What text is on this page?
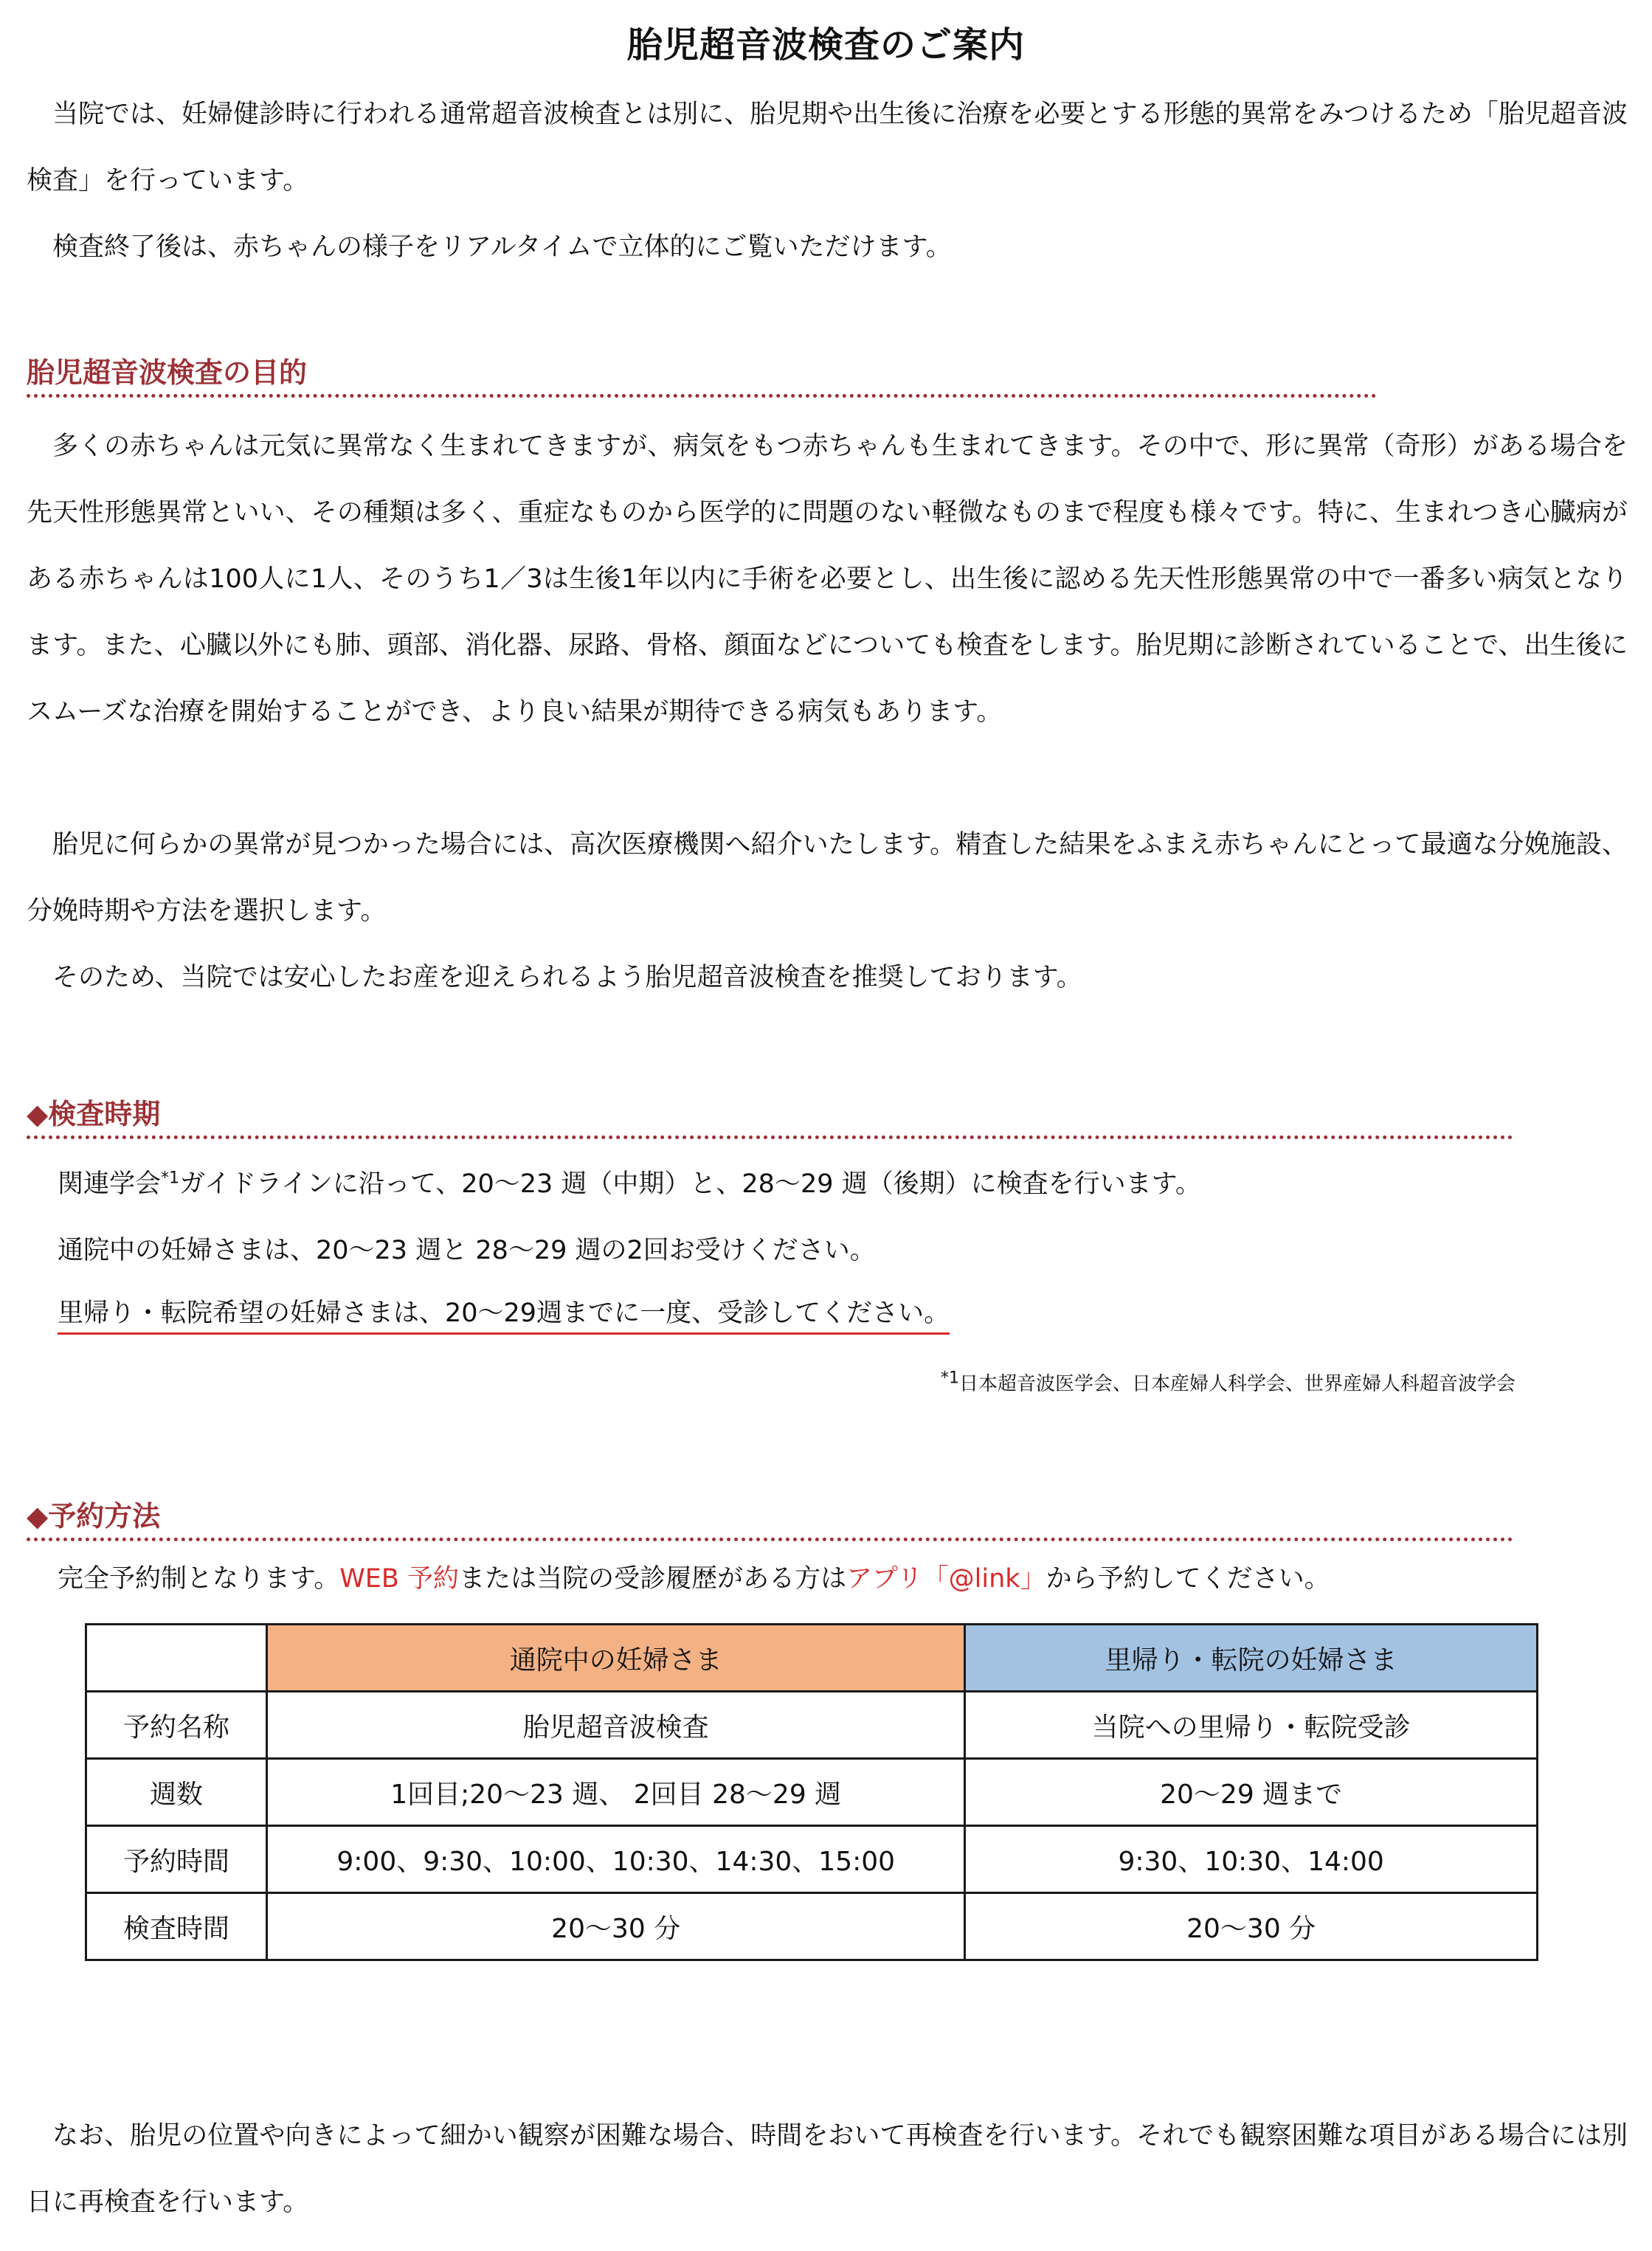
胎児超音波検査のご案内
当院では、妊婦健診時に行われる通常超音波検査とは別に、胎児期や出生後に治療を必要とする形態的異常をみつけるため「胎児超音波検査」を行っています。
検査終了後は、赤ちゃんの様子をリアルタイムで立体的にご覧いただけます。
胎児超音波検査の目的
多くの赤ちゃんは元気に異常なく生まれてきますが、病気をもつ赤ちゃんも生まれてきます。その中で、形に異常（奇形）がある場合を先天性形態異常といい、その種類は多く、重症なものから医学的に問題のない軽微なものまで程度も様々です。特に、生まれつき心臓病がある赤ちゃんは100人に1人、そのうち1／3は生後1年以内に手術を必要とし、出生後に認める先天性形態異常の中で一番多い病気となります。また、心臓以外にも肺、頭部、消化器、尿路、骨格、顔面などについても検査をします。胎児期に診断されていることで、出生後にスムーズな治療を開始することができ、より良い結果が期待できる病気もあります。
胎児に何らかの異常が見つかった場合には、高次医療機関へ紹介いたします。精査した結果をふまえ赤ちゃんにとって最適な分娩施設、分娩時期や方法を選択します。
そのため、当院では安心したお産を迎えられるよう胎児超音波検査を推奨しております。
◆検査時期
関連学会$^{*1}$ガイドラインに沿って、20～23 週（中期）と、28～29 週（後期）に検査を行います。
通院中の妊婦さまは、20～23 週と 28～29 週の2回お受けください。
里帰り・転院希望の妊婦さまは、20～29週までに一度、受診してください。
$^{*1}$日本超音波医学会、日本産婦人科学会、世界産婦人科超音波学会
◆予約方法
完全予約制となります。WEB 予約または当院の受診履歴がある方はアプリ「@link」から予約してください。
	通院中の妊婦さま	里帰り・転院の妊婦さま
予約名称	胎児超音波検査	当院への里帰り・転院受診
週数	1回目;20～23 週、 2回目 28～29 週	20～29 週まで
予約時間	9:00、9:30、10:00、10:30、14:30、15:00	9:30、10:30、14:00
検査時間	20～30 分	20～30 分
なお、胎児の位置や向きによって細かい観察が困難な場合、時間をおいて再検査を行います。それでも観察困難な項目がある場合には別日に再検査を行います。
